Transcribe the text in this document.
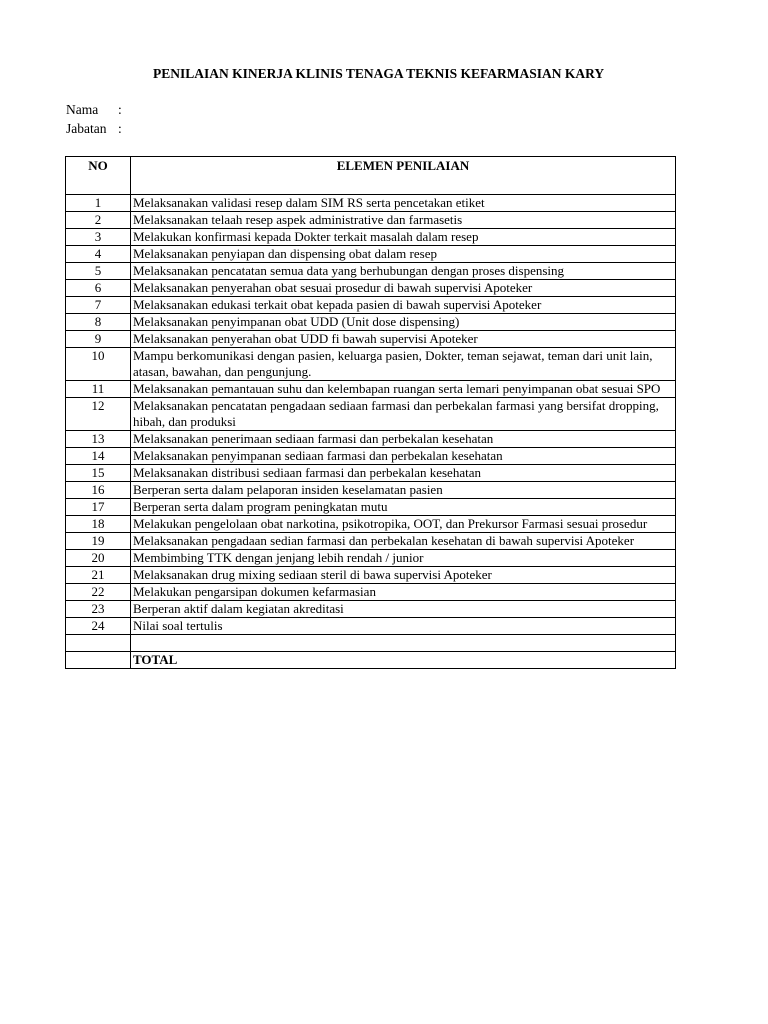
PENILAIAN KINERJA KLINIS TENAGA TEKNIS KEFARMASIAN KARY
Nama :
Jabatan :
NO	ELEMEN PENILAIAN
1	Melaksanakan validasi resep dalam SIM RS serta pencetakan etiket
2	Melaksanakan telaah resep aspek administrative dan farmasetis
3	Melakukan konfirmasi kepada Dokter terkait masalah dalam resep
4	Melaksanakan penyiapan dan dispensing obat dalam resep
5	Melaksanakan pencatatan semua data yang berhubungan dengan proses dispensing
6	Melaksanakan penyerahan obat sesuai prosedur di bawah supervisi Apoteker
7	Melaksanakan edukasi terkait obat kepada pasien di bawah supervisi Apoteker
8	Melaksanakan penyimpanan obat UDD (Unit dose dispensing)
9	Melaksanakan penyerahan obat UDD fi bawah supervisi Apoteker
10	Mampu berkomunikasi dengan pasien, keluarga pasien, Dokter, teman sejawat, teman dari unit lain, atasan, bawahan, dan pengunjung.
11	Melaksanakan pemantauan suhu dan kelembapan ruangan serta lemari penyimpanan obat sesuai SPO
12	Melaksanakan pencatatan pengadaan sediaan farmasi dan perbekalan farmasi yang bersifat dropping, hibah, dan produksi
13	Melaksanakan penerimaan sediaan farmasi dan perbekalan kesehatan
14	Melaksanakan penyimpanan sediaan farmasi dan perbekalan kesehatan
15	Melaksanakan distribusi sediaan farmasi dan perbekalan kesehatan
16	Berperan serta dalam pelaporan insiden keselamatan pasien
17	Berperan serta dalam program peningkatan mutu
18	Melakukan pengelolaan obat narkotina, psikotropika, OOT, dan Prekursor Farmasi sesuai prosedur
19	Melaksanakan pengadaan sedian farmasi dan perbekalan kesehatan di bawah supervisi Apoteker
20	Membimbing TTK dengan jenjang lebih rendah / junior
21	Melaksanakan drug mixing sediaan steril di bawa supervisi Apoteker
22	Melakukan pengarsipan dokumen kefarmasian
23	Berperan aktif dalam kegiatan akreditasi
24	Nilai soal tertulis

	TOTAL
